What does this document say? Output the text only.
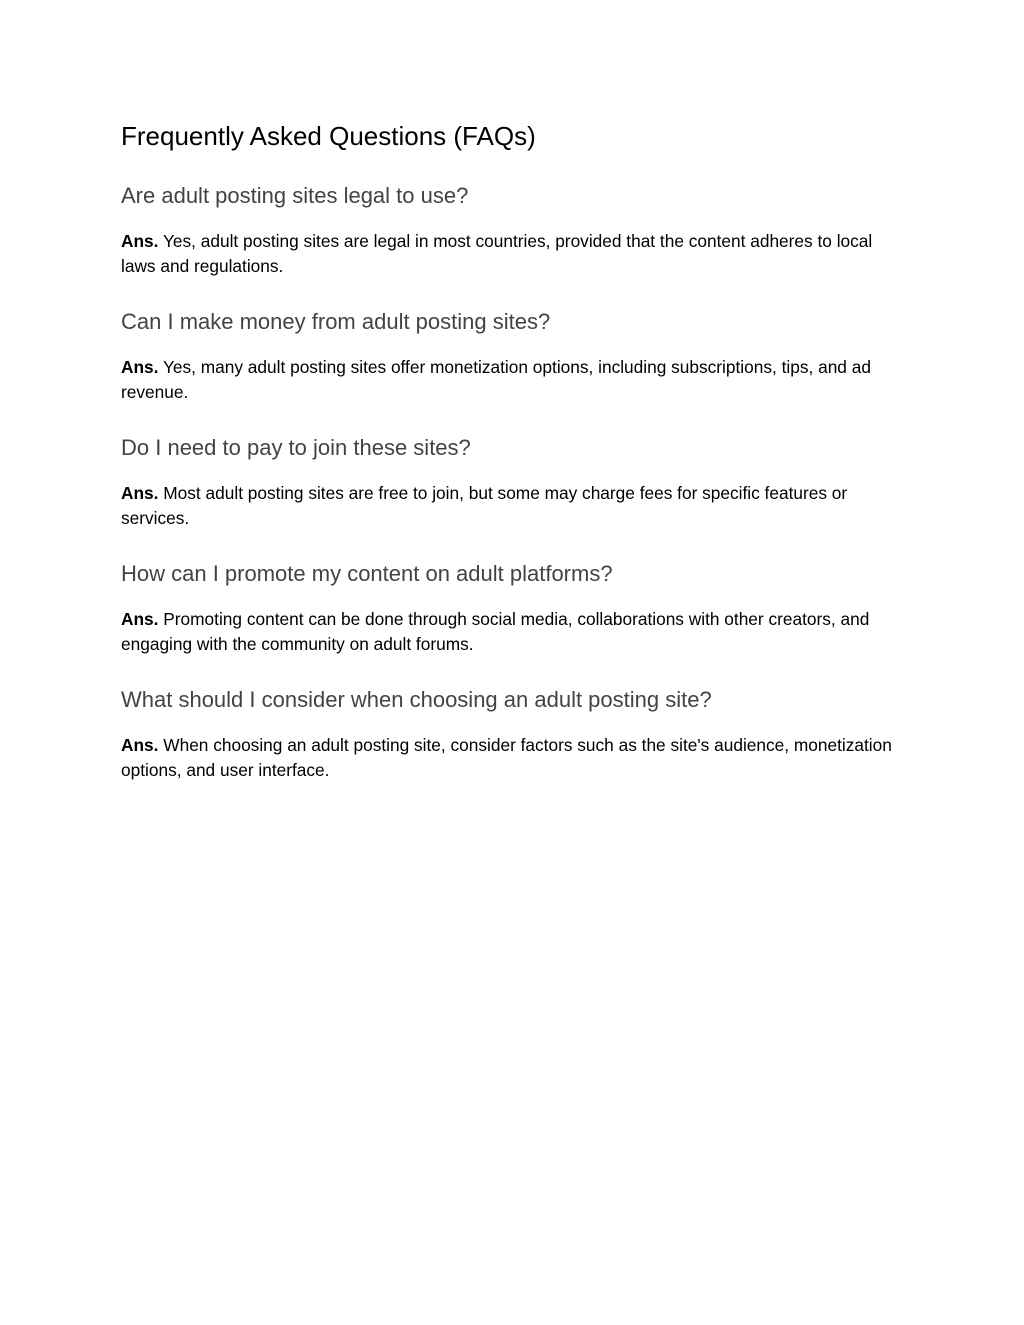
Frequently Asked Questions (FAQs)
Are adult posting sites legal to use?

Ans. Yes, adult posting sites are legal in most countries, provided that the content adheres to local laws and regulations.

Can I make money from adult posting sites?

Ans. Yes, many adult posting sites offer monetization options, including subscriptions, tips, and ad revenue.

Do I need to pay to join these sites?

Ans. Most adult posting sites are free to join, but some may charge fees for specific features or services.

How can I promote my content on adult platforms?

Ans. Promoting content can be done through social media, collaborations with other creators, and engaging with the community on adult forums.

What should I consider when choosing an adult posting site?

Ans. When choosing an adult posting site, consider factors such as the site's audience, monetization options, and user interface.
